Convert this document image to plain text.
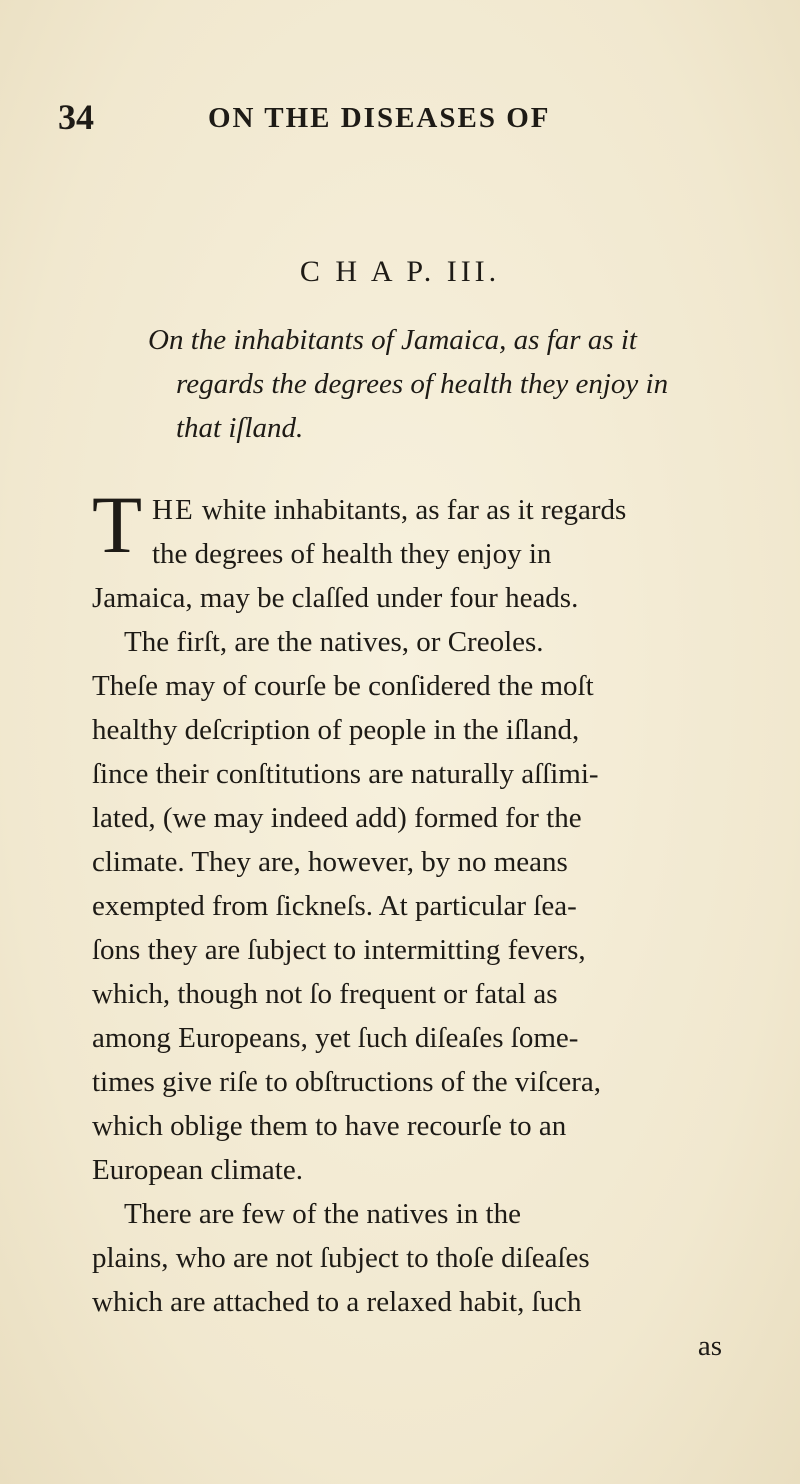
34	ON THE DISEASES OF
C H A P. III.
On the inhabitants of Jamaica, as far as it
regards the degrees of health they enjoy in
that iſland.
T HE white inhabitants, as far as it regards
the degrees of health they enjoy in
Jamaica, may be claſſed under four heads.
The firſt, are the natives, or Creoles.
Theſe may of courſe be conſidered the moſt
healthy deſcription of people in the iſland,
ſince their conſtitutions are naturally aſſimi-
lated, (we may indeed add) formed for the
climate. They are, however, by no means
exempted from ſickneſs. At particular ſea-
ſons they are ſubject to intermitting fevers,
which, though not ſo frequent or fatal as
among Europeans, yet ſuch diſeaſes ſome-
times give riſe to obſtructions of the viſcera,
which oblige them to have recourſe to an
European climate.
There are few of the natives in the
plains, who are not ſubject to thoſe diſeaſes
which are attached to a relaxed habit, ſuch
as
